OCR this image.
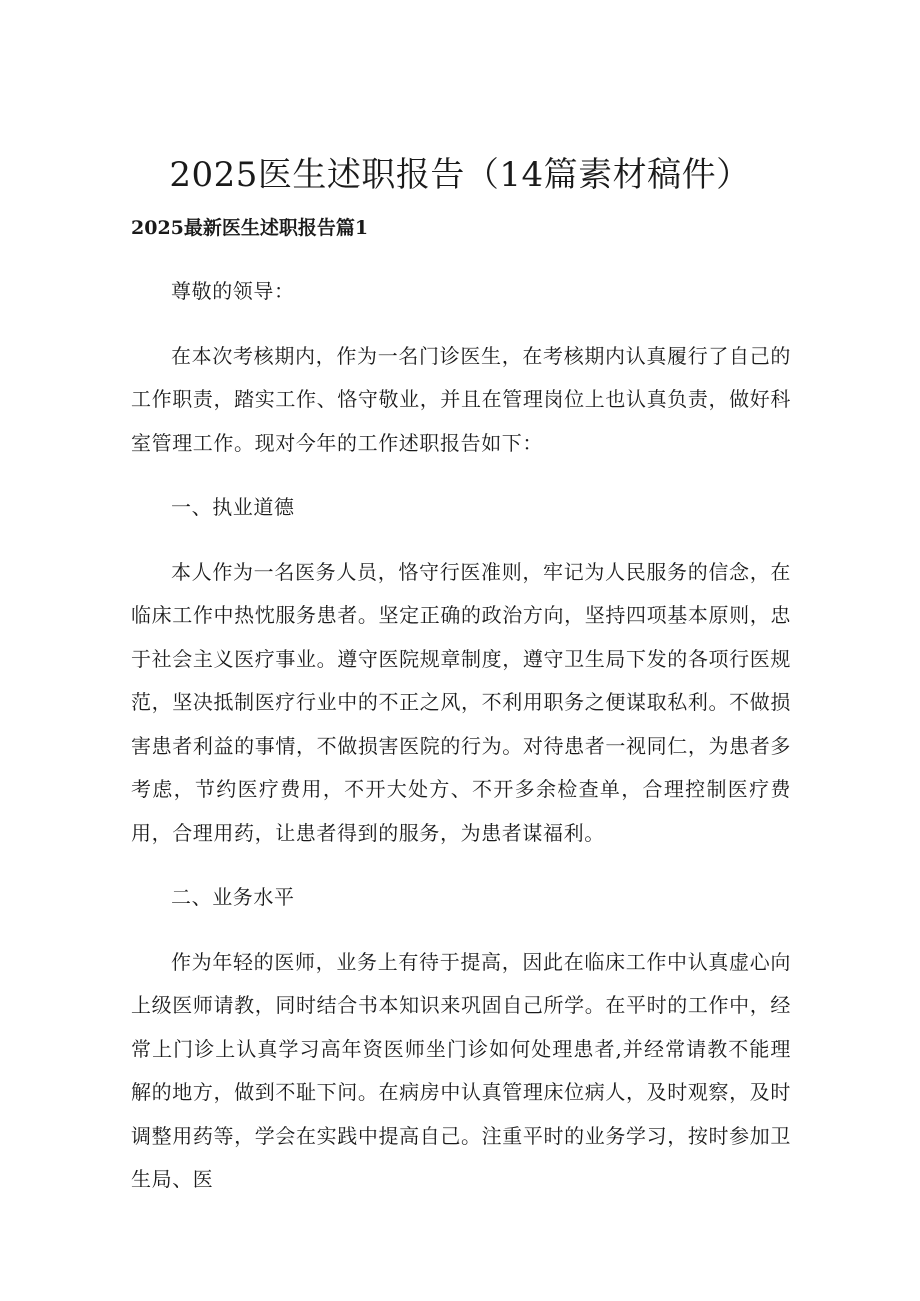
2025医生述职报告（14篇素材稿件）
2025最新医生述职报告篇1

尊敬的领导：

在本次考核期内，作为一名门诊医生，在考核期内认真履行了自己的工作职责，踏实工作、恪守敬业，并且在管理岗位上也认真负责，做好科室管理工作。现对今年的工作述职报告如下：

一、执业道德

本人作为一名医务人员，恪守行医准则，牢记为人民服务的信念，在临床工作中热忱服务患者。坚定正确的政治方向，坚持四项基本原则，忠于社会主义医疗事业。遵守医院规章制度，遵守卫生局下发的各项行医规范，坚决抵制医疗行业中的不正之风，不利用职务之便谋取私利。不做损害患者利益的事情，不做损害医院的行为。对待患者一视同仁，为患者多考虑，节约医疗费用，不开大处方、不开多余检查单，合理控制医疗费用，合理用药，让患者得到的服务，为患者谋福利。

二、业务水平

作为年轻的医师，业务上有待于提高，因此在临床工作中认真虚心向上级医师请教，同时结合书本知识来巩固自己所学。在平时的工作中，经常上门诊上认真学习高年资医师坐门诊如何处理患者,并经常请教不能理解的地方，做到不耻下问。在病房中认真管理床位病人，及时观察，及时调整用药等，学会在实践中提高自己。注重平时的业务学习，按时参加卫生局、医
